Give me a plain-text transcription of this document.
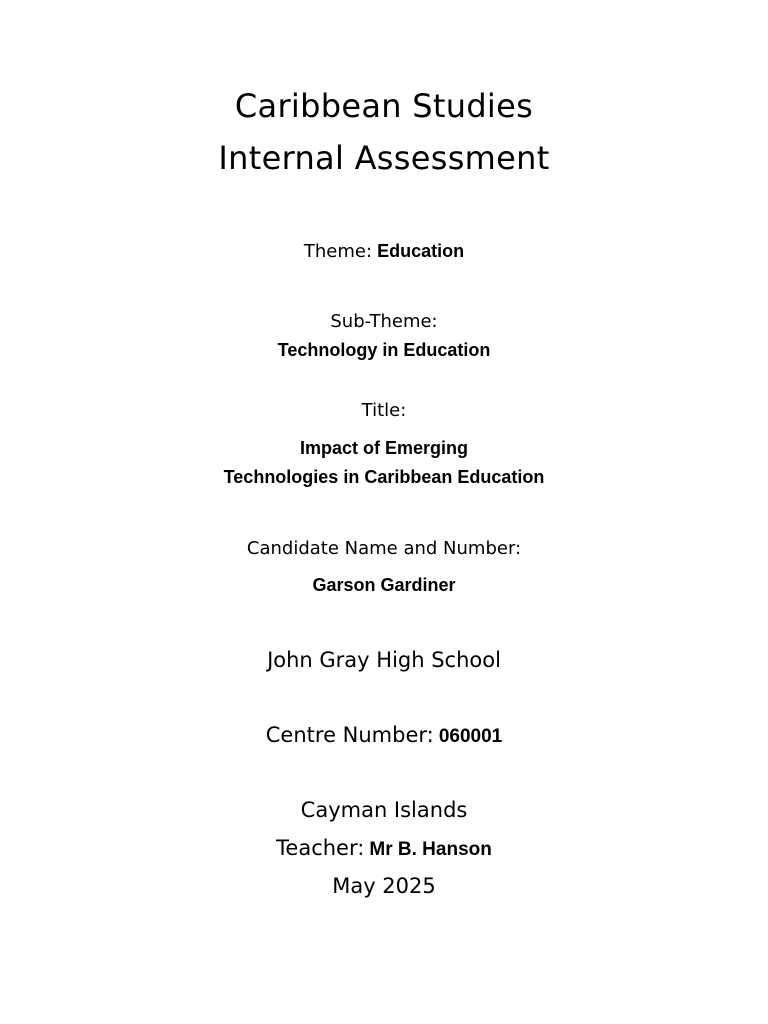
Caribbean Studies
Internal Assessment
Theme: Education
Sub-Theme:
Technology in Education
Title:
Impact of Emerging
Technologies in Caribbean Education
Candidate Name and Number:
Garson Gardiner
John Gray High School
Centre Number: 060001
Cayman Islands
Teacher: Mr B. Hanson
May 2025
